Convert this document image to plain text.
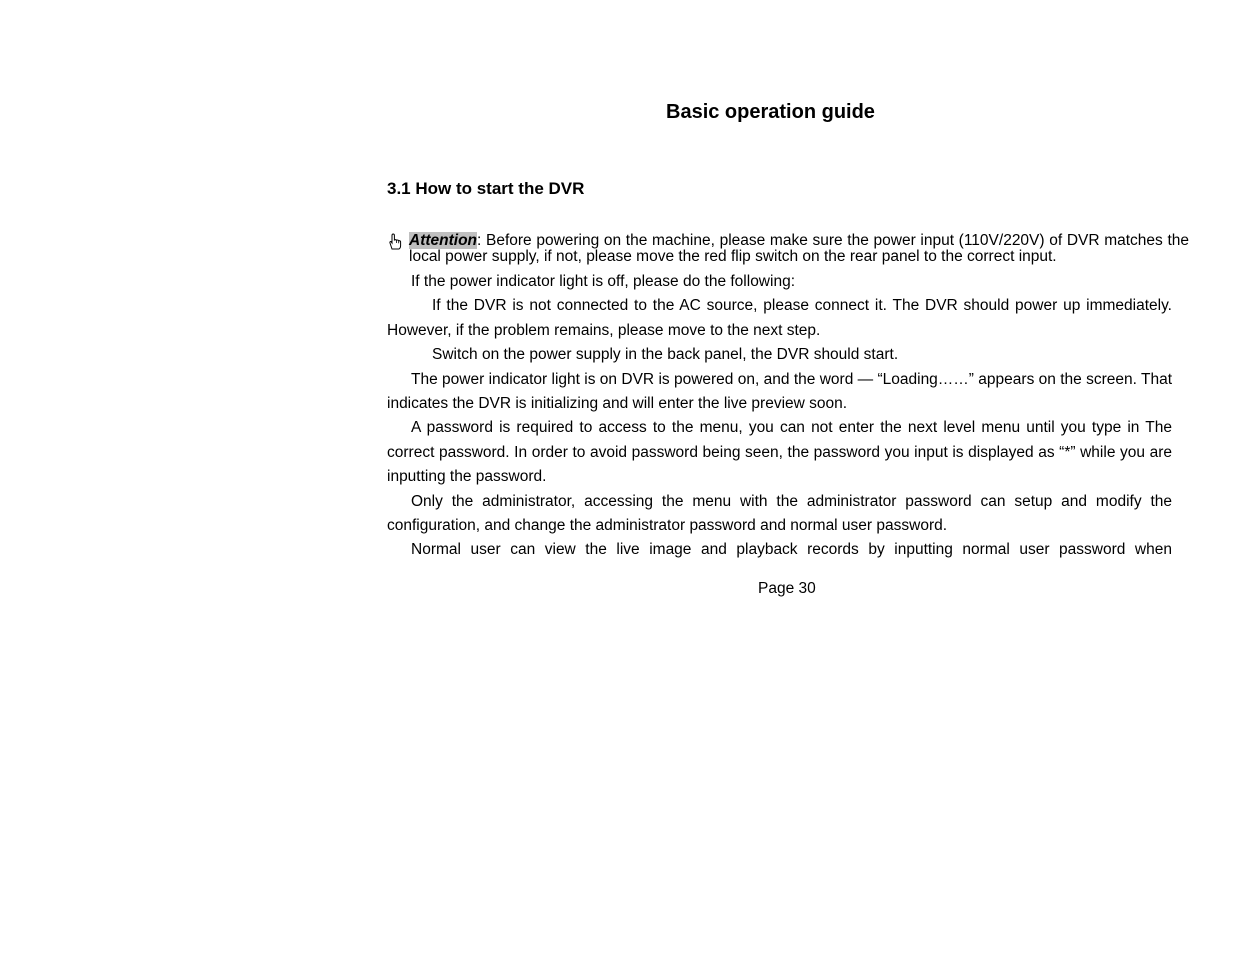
Basic operation guide
3.1 How to start the DVR
Attention: Before powering on the machine, please make sure the power input (110V/220V) of DVR matches the local power supply, if not, please move the red flip switch on the rear panel to the correct input.

If the power indicator light is off, please do the following:

If the DVR is not connected to the AC source, please connect it. The DVR should power up immediately. However, if the problem remains, please move to the next step.

Switch on the power supply in the back panel, the DVR should start.

The power indicator light is on DVR is powered on, and the word — “Loading……” appears on the screen. That indicates the DVR is initializing and will enter the live preview soon.

A password is required to access to the menu, you can not enter the next level menu until you type in The correct password. In order to avoid password being seen, the password you input is displayed as “*” while you are inputting the password.

Only the administrator, accessing the menu with the administrator password can setup and modify the configuration, and change the administrator password and normal user password.

Normal user can view the live image and playback records by inputting normal user password when

Page 30
